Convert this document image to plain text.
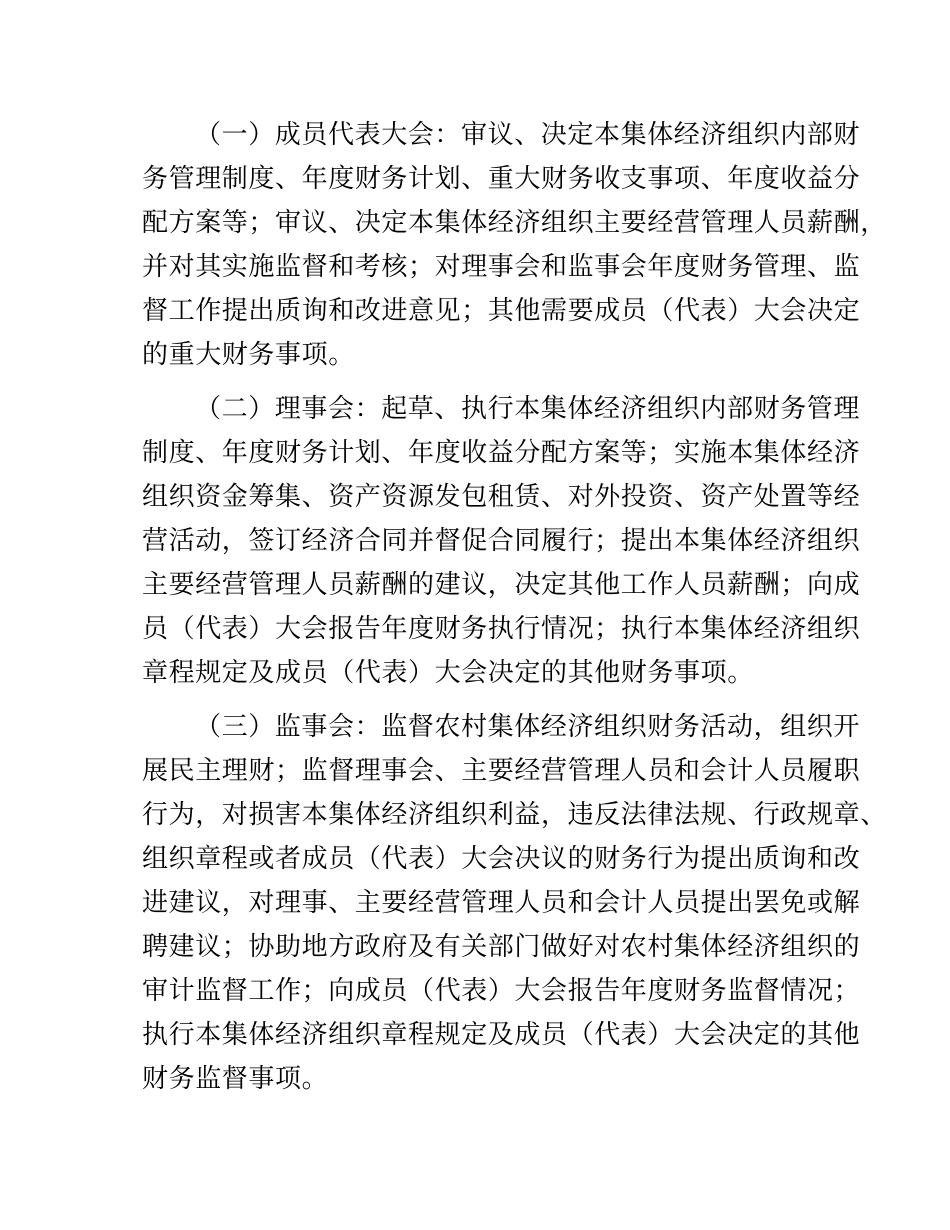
（一）成员代表大会：审议、决定本集体经济组织内部财
务管理制度、年度财务计划、重大财务收支事项、年度收益分
配方案等；审议、决定本集体经济组织主要经营管理人员薪酬，
并对其实施监督和考核；对理事会和监事会年度财务管理、监
督工作提出质询和改进意见；其他需要成员（代表）大会决定
的重大财务事项。
（二）理事会：起草、执行本集体经济组织内部财务管理
制度、年度财务计划、年度收益分配方案等；实施本集体经济
组织资金筹集、资产资源发包租赁、对外投资、资产处置等经
营活动，签订经济合同并督促合同履行；提出本集体经济组织
主要经营管理人员薪酬的建议，决定其他工作人员薪酬；向成
员（代表）大会报告年度财务执行情况；执行本集体经济组织
章程规定及成员（代表）大会决定的其他财务事项。
（三）监事会：监督农村集体经济组织财务活动，组织开
展民主理财；监督理事会、主要经营管理人员和会计人员履职
行为，对损害本集体经济组织利益，违反法律法规、行政规章、
组织章程或者成员（代表）大会决议的财务行为提出质询和改
进建议，对理事、主要经营管理人员和会计人员提出罢免或解
聘建议；协助地方政府及有关部门做好对农村集体经济组织的
审计监督工作；向成员（代表）大会报告年度财务监督情况；
执行本集体经济组织章程规定及成员（代表）大会决定的其他
财务监督事项。
